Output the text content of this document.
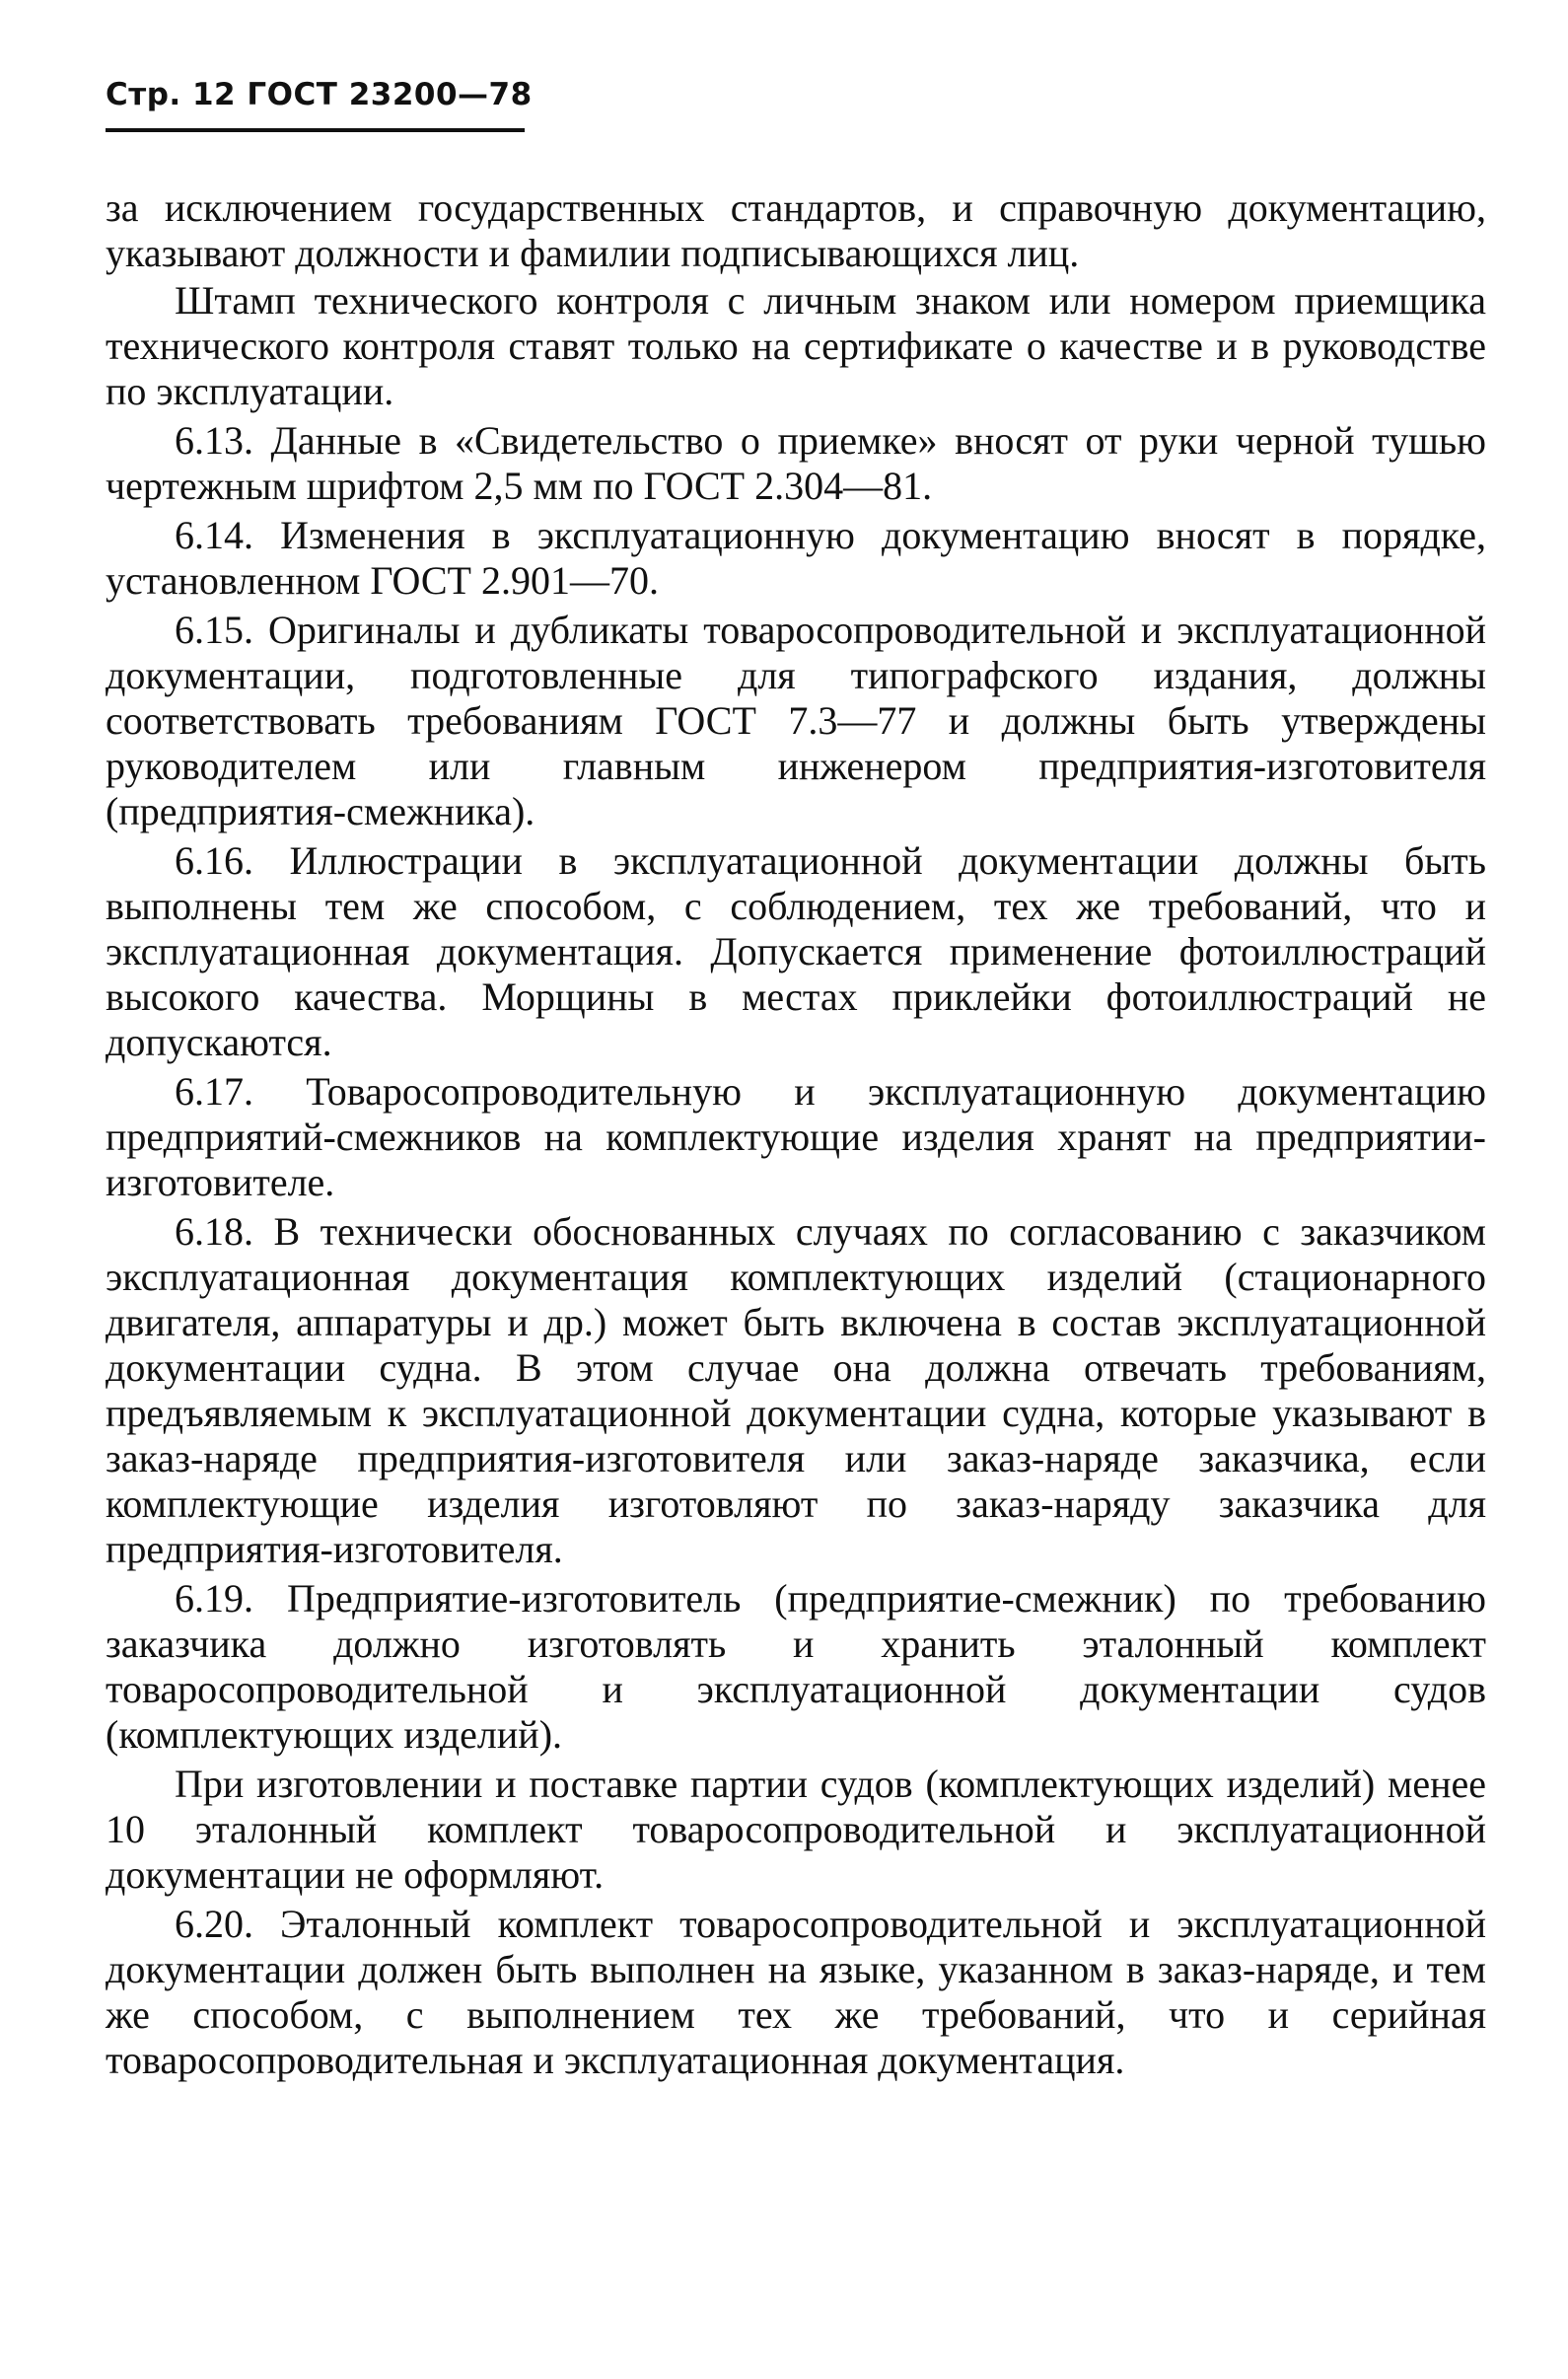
Стр. 12 ГОСТ 23200—78

за исключением государственных стандартов, и справочную документацию, указывают должности и фамилии подписывающихся лиц.

Штамп технического контроля с личным знаком или номером приемщика технического контроля ставят только на сертификате о качестве и в руководстве по эксплуатации.

6.13. Данные в «Свидетельство о приемке» вносят от руки черной тушью чертежным шрифтом 2,5 мм по ГОСТ 2.304—81.

6.14. Изменения в эксплуатационную документацию вносят в порядке, установленном ГОСТ 2.901—70.

6.15. Оригиналы и дубликаты товаросопроводительной и эксплуатационной документации, подготовленные для типографского издания, должны соответствовать требованиям ГОСТ 7.3—77 и должны быть утверждены руководителем или главным инженером предприятия-изготовителя (предприятия-смежника).

6.16. Иллюстрации в эксплуатационной документации должны быть выполнены тем же способом, с соблюдением, тех же требований, что и эксплуатационная документация. Допускается применение фотоиллюстраций высокого качества. Морщины в местах приклейки фотоиллюстраций не допускаются.

6.17. Товаросопроводительную и эксплуатационную документацию предприятий-смежников на комплектующие изделия хранят на предприятии-изготовителе.

6.18. В технически обоснованных случаях по согласованию с заказчиком эксплуатационная документация комплектующих изделий (стационарного двигателя, аппаратуры и др.) может быть включена в состав эксплуатационной документации судна. В этом случае она должна отвечать требованиям, предъявляемым к эксплуатационной документации судна, которые указывают в заказ-наряде предприятия-изготовителя или заказ-наряде заказчика, если комплектующие изделия изготовляют по заказ-наряду заказчика для предприятия-изготовителя.

6.19. Предприятие-изготовитель (предприятие-смежник) по требованию заказчика должно изготовлять и хранить эталонный комплект товаросопроводительной и эксплуатационной документации судов (комплектующих изделий).

При изготовлении и поставке партии судов (комплектующих изделий) менее 10 эталонный комплект товаросопроводительной и эксплуатационной документации не оформляют.

6.20. Эталонный комплект товаросопроводительной и эксплуатационной документации должен быть выполнен на языке, указанном в заказ-наряде, и тем же способом, с выполнением тех же требований, что и серийная товаросопроводительная и эксплуатационная документация.
